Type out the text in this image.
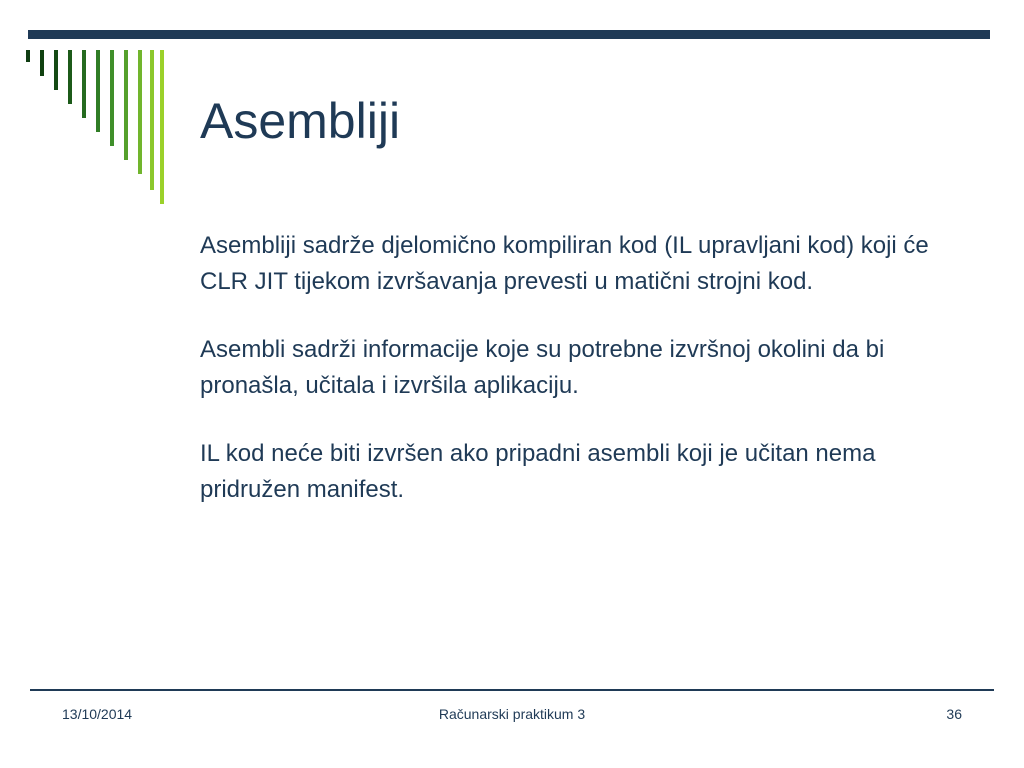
Asembliji

Asembliji sadrže djelomično kompiliran kod (IL upravljani kod) koji će CLR JIT tijekom izvršavanja prevesti u matični strojni kod.

Asembli sadrži informacije koje su potrebne izvršnoj okolini da bi pronašla, učitala i izvršila aplikaciju.

IL kod neće biti izvršen ako pripadni asembli koji je učitan nema pridružen manifest.

13/10/2014	Računarski praktikum 3	36
